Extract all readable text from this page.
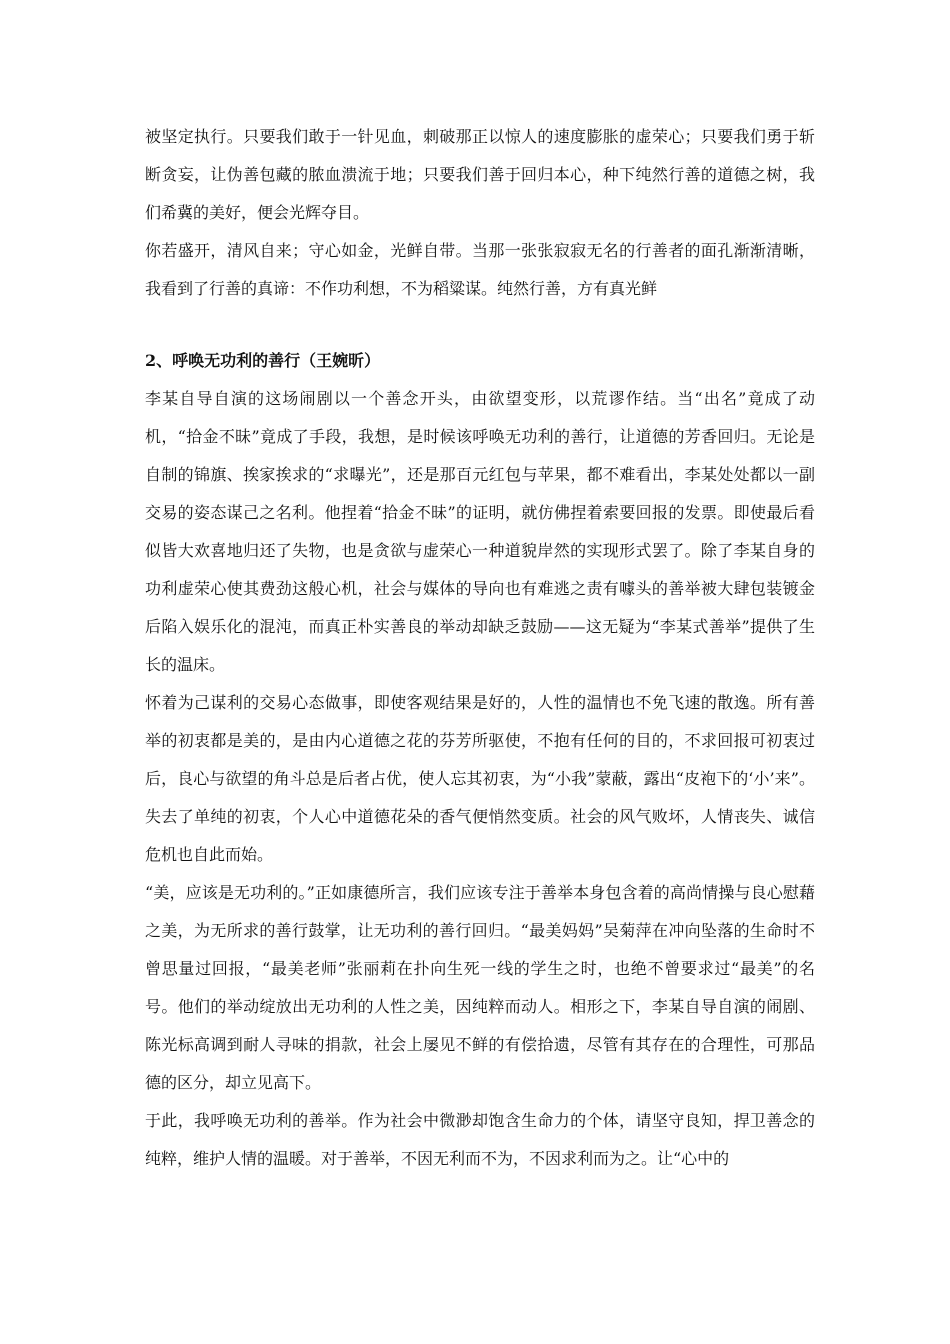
被坚定执行。只要我们敢于一针见血，刺破那正以惊人的速度膨胀的虚荣心；只要我们勇于斩断贪妄，让伪善包藏的脓血溃流于地；只要我们善于回归本心，种下纯然行善的道德之树，我们希冀的美好，便会光辉夺目。

你若盛开，清风自来；守心如金，光鲜自带。当那一张张寂寂无名的行善者的面孔渐渐清晰，我看到了行善的真谛：不作功利想，不为稻粱谋。纯然行善，方有真光鲜

2、呼唤无功利的善行（王婉昕）

李某自导自演的这场闹剧以一个善念开头，由欲望变形，以荒谬作结。当“出名”竟成了动机，“拾金不昧”竟成了手段，我想，是时候该呼唤无功利的善行，让道德的芳香回归。无论是自制的锦旗、挨家挨求的“求曝光”，还是那百元红包与苹果，都不难看出，李某处处都以一副交易的姿态谋己之名利。他捏着“拾金不昧”的证明，就仿佛捏着索要回报的发票。即使最后看似皆大欢喜地归还了失物，也是贪欲与虚荣心一种道貌岸然的实现形式罢了。除了李某自身的功利虚荣心使其费劲这般心机，社会与媒体的导向也有难逃之责有噱头的善举被大肆包装镀金后陷入娱乐化的混沌，而真正朴实善良的举动却缺乏鼓励——这无疑为“李某式善举”提供了生长的温床。

怀着为己谋利的交易心态做事，即使客观结果是好的，人性的温情也不免飞速的散逸。所有善举的初衷都是美的，是由内心道德之花的芬芳所驱使，不抱有任何的目的，不求回报可初衷过后，良心与欲望的角斗总是后者占优，使人忘其初衷，为“小我”蒙蔽，露出“皮袍下的‘小’来”。失去了单纯的初衷，个人心中道德花朵的香气便悄然变质。社会的风气败坏，人情丧失、诚信危机也自此而始。

“美，应该是无功利的。”正如康德所言，我们应该专注于善举本身包含着的高尚情操与良心慰藉之美，为无所求的善行鼓掌，让无功利的善行回归。“最美妈妈”吴菊萍在冲向坠落的生命时不曾思量过回报，“最美老师”张丽莉在扑向生死一线的学生之时，也绝不曾要求过“最美”的名号。他们的举动绽放出无功利的人性之美，因纯粹而动人。相形之下，李某自导自演的闹剧、陈光标高调到耐人寻味的捐款，社会上屡见不鲜的有偿拾遗，尽管有其存在的合理性，可那品德的区分，却立见高下。

于此，我呼唤无功利的善举。作为社会中微渺却饱含生命力的个体，请坚守良知，捍卫善念的纯粹，维护人情的温暖。对于善举，不因无利而不为，不因求利而为之。让“心中的
